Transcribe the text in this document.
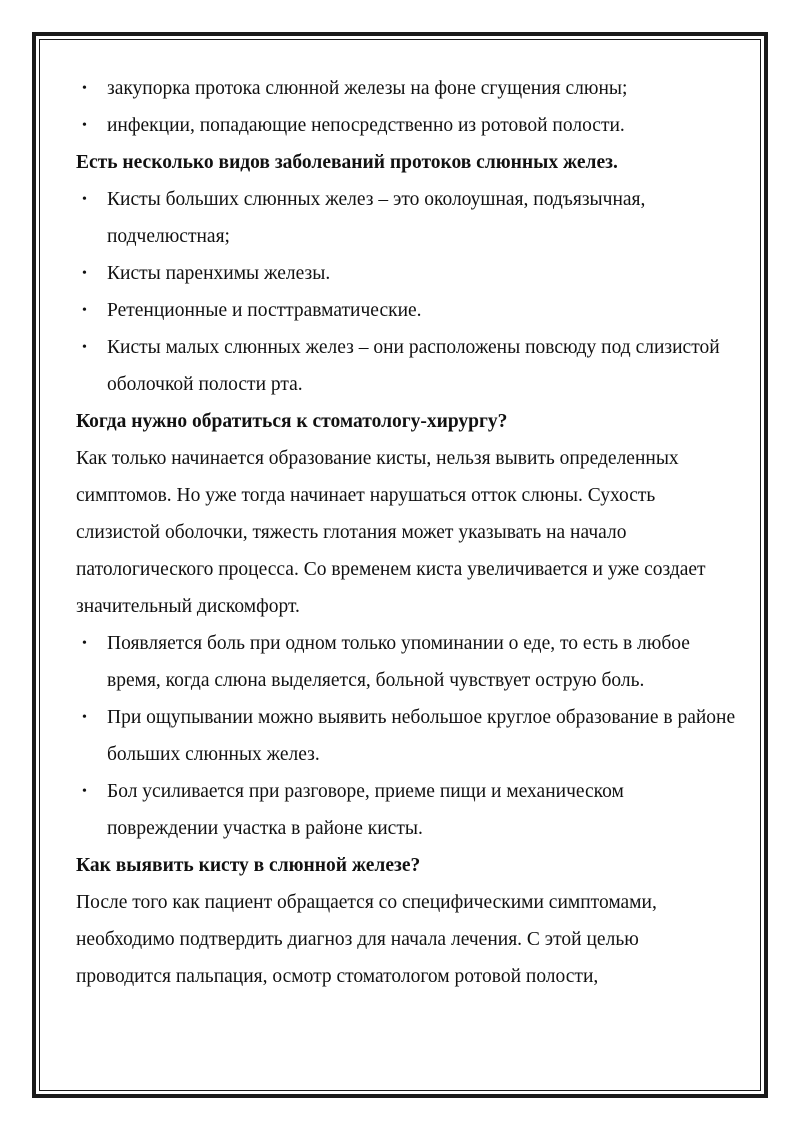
• закупорка протока слюнной железы на фоне сгущения слюны;
• инфекции, попадающие непосредственно из ротовой полости.

Есть несколько видов заболеваний протоков слюнных желез.

• Кисты больших слюнных желез – это околоушная, подъязычная, подчелюстная;
• Кисты паренхимы железы.
• Ретенционные и посттравматические.
• Кисты малых слюнных желез – они расположены повсюду под слизистой оболочкой полости рта.

Когда нужно обратиться к стоматологу-хирургу?

Как только начинается образование кисты, нельзя вывить определенных симптомов. Но уже тогда начинает нарушаться отток слюны. Сухость слизистой оболочки, тяжесть глотания может указывать на начало патологического процесса. Со временем киста увеличивается и уже создает значительный дискомфорт.

• Появляется боль при одном только упоминании о еде, то есть в любое время, когда слюна выделяется, больной чувствует острую боль.
• При ощупывании можно выявить небольшое круглое образование в районе больших слюнных желез.
• Бол усиливается при разговоре, приеме пищи и механическом повреждении участка в районе кисты.

Как выявить кисту в слюнной железе?

После того как пациент обращается со специфическими симптомами, необходимо подтвердить диагноз для начала лечения. С этой целью проводится пальпация, осмотр стоматологом ротовой полости,
